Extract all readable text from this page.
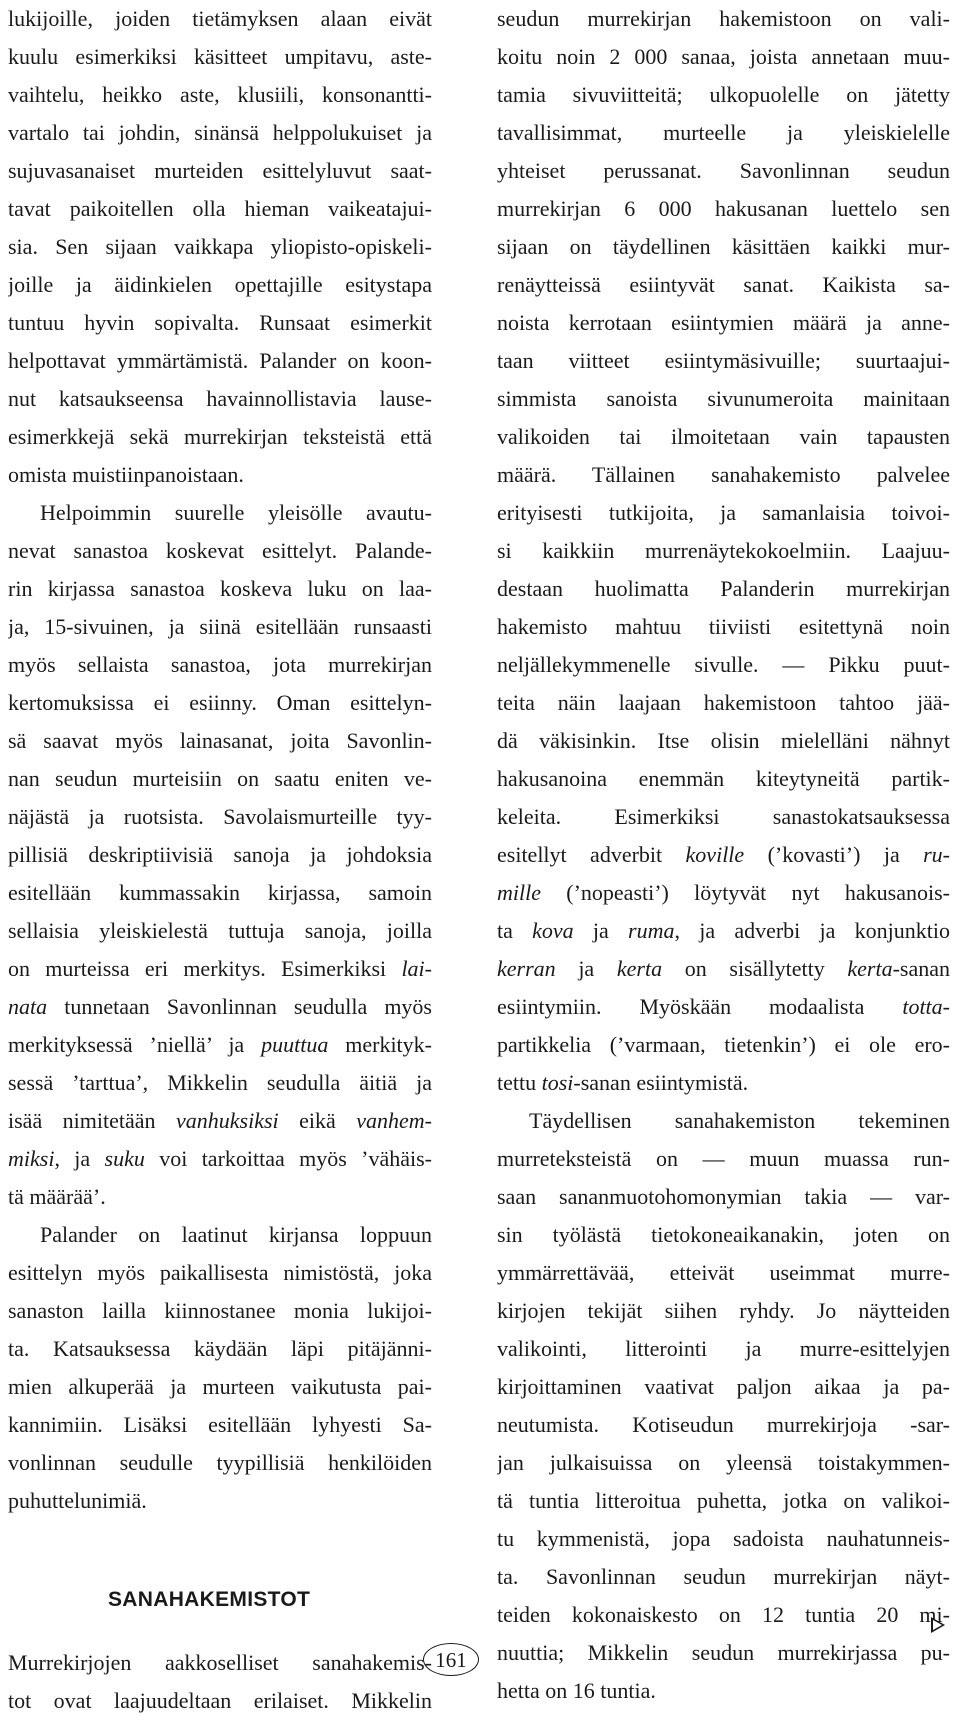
lukijoille, joiden tietämyksen alaan eivät
kuulu esimerkiksi käsitteet umpitavu, aste-
vaihtelu, heikko aste, klusiili, konsonantti-
vartalo tai johdin, sinänsä helppolukuiset ja
sujuvasanaiset murteiden esittelyluvut saat-
tavat paikoitellen olla hieman vaikeatajui-
sia. Sen sijaan vaikkapa yliopisto-opiskeli-
joille ja äidinkielen opettajille esitystapa
tuntuu hyvin sopivalta. Runsaat esimerkit
helpottavat ymmärtämistä. Palander on koon-
nut katsaukseensa havainnollistavia lause-
esimerkkejä sekä murrekirjan teksteistä että
omista muistiinpanoistaan.
Helpoimmin suurelle yleisölle avautu-
nevat sanastoa koskevat esittelyt. Palande-
rin kirjassa sanastoa koskeva luku on laa-
ja, 15-sivuinen, ja siinä esitellään runsaasti
myös sellaista sanastoa, jota murrekirjan
kertomuksissa ei esiinny. Oman esittelyn-
sä saavat myös lainasanat, joita Savonlin-
nan seudun murteisiin on saatu eniten ve-
näjästä ja ruotsista. Savolaismurteille tyy-
pillisiä deskriptiivisiä sanoja ja johdoksia
esitellään kummassakin kirjassa, samoin
sellaisia yleiskielestä tuttuja sanoja, joilla
on murteissa eri merkitys. Esimerkiksi lai-
nata tunnetaan Savonlinnan seudulla myös
merkityksessä ’niellä’ ja puuttua merkityk-
sessä ’tarttua’, Mikkelin seudulla äitiä ja
isää nimitetään vanhuksiksi eikä vanhem-
miksi, ja suku voi tarkoittaa myös ’vähäis-
tä määrää’.
Palander on laatinut kirjansa loppuun
esittelyn myös paikallisesta nimistöstä, joka
sanaston lailla kiinnostanee monia lukijoi-
ta. Katsauksessa käydään läpi pitäjänni-
mien alkuperää ja murteen vaikutusta pai-
kannimiin. Lisäksi esitellään lyhyesti Sa-
vonlinnan seudulle tyypillisiä henkilöiden
puhuttelunimiä.
SANAHAKEMISTOT
Murrekirjojen aakkoselliset sanahakemis-
tot ovat laajuudeltaan erilaiset. Mikkelin
seudun murrekirjan hakemistoon on vali-
koitu noin 2 000 sanaa, joista annetaan muu-
tamia sivuviitteitä; ulkopuolelle on jätetty
tavallisimmat, murteelle ja yleiskielelle
yhteiset perussanat. Savonlinnan seudun
murrekirjan 6 000 hakusanan luettelo sen
sijaan on täydellinen käsittäen kaikki mur-
renäytteissä esiintyvät sanat. Kaikista sa-
noista kerrotaan esiintymien määrä ja anne-
taan viitteet esiintymäsivuille; suurtaajui-
simmista sanoista sivunumeroita mainitaan
valikoiden tai ilmoitetaan vain tapausten
määrä. Tällainen sanahakemisto palvelee
erityisesti tutkijoita, ja samanlaisia toivoi-
si kaikkiin murrenäytekokoelmiin. Laajuu-
destaan huolimatta Palanderin murrekirjan
hakemisto mahtuu tiiviisti esitettynä noin
neljällekymmenelle sivulle. — Pikku puut-
teita näin laajaan hakemistoon tahtoo jää-
dä väkisinkin. Itse olisin mielelläni nähnyt
hakusanoina enemmän kiteytyneitä partik-
keleita. Esimerkiksi sanastokatsauksessa
esitellyt adverbit koville (’kovasti’) ja ru-
mille (’nopeasti’) löytyvät nyt hakusanois-
ta kova ja ruma, ja adverbi ja konjunktio
kerran ja kerta on sisällytetty kerta-sanan
esiintymiin. Myöskään modaalista totta-
partikkelia (’varmaan, tietenkin’) ei ole ero-
tettu tosi-sanan esiintymistä.
Täydellisen sanahakemiston tekeminen
murreteksteistä on — muun muassa run-
saan sananmuotohomonymian takia — var-
sin työlästä tietokoneaikanakin, joten on
ymmärrettävää, etteivät useimmat murre-
kirjojen tekijät siihen ryhdy. Jo näytteiden
valikointi, litterointi ja murre-esittelyjen
kirjoittaminen vaativat paljon aikaa ja pa-
neutumista. Kotiseudun murrekirjoja -sar-
jan julkaisuissa on yleensä toistakymmen-
tä tuntia litteroitua puhetta, jotka on valikoi-
tu kymmenistä, jopa sadoista nauhatunneis-
ta. Savonlinnan seudun murrekirjan näyt-
teiden kokonaiskesto on 12 tuntia 20 mi-
nuuttia; Mikkelin seudun murrekirjassa pu-
hetta on 16 tuntia.
161
